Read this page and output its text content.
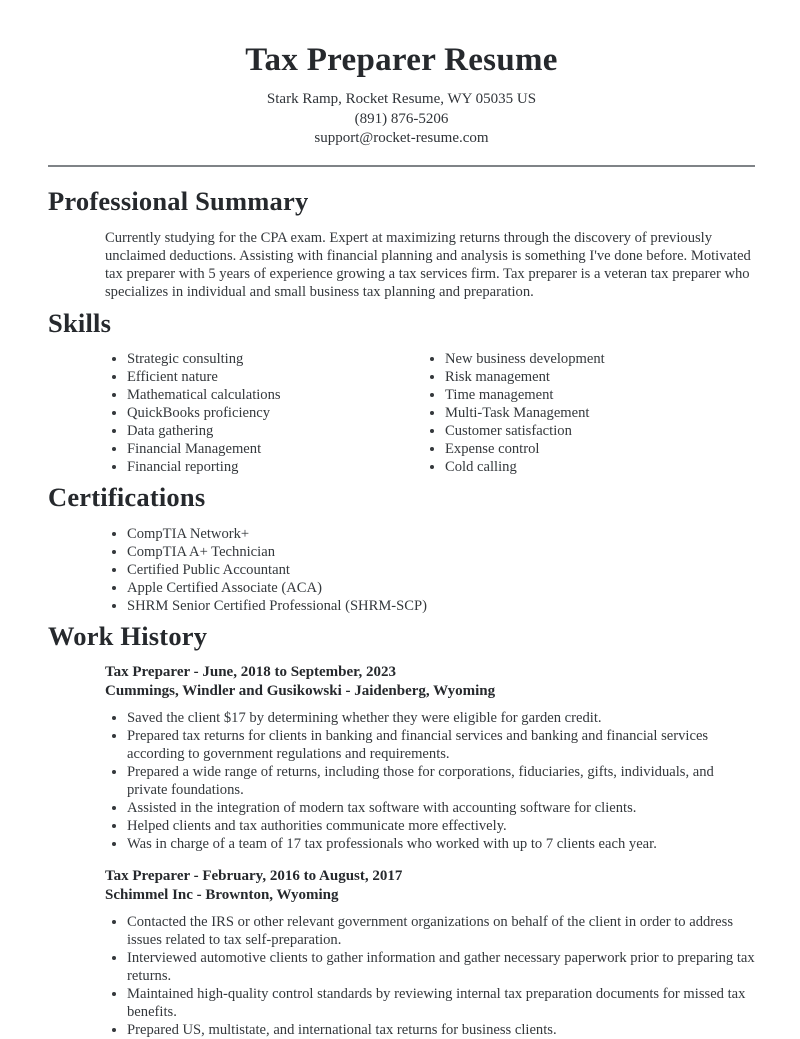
Tax Preparer Resume
Stark Ramp, Rocket Resume, WY 05035 US
(891) 876-5206
support@rocket-resume.com
Professional Summary

Currently studying for the CPA exam. Expert at maximizing returns through the discovery of previously unclaimed deductions. Assisting with financial planning and analysis is something I've done before. Motivated tax preparer with 5 years of experience growing a tax services firm. Tax preparer is a veteran tax preparer who specializes in individual and small business tax planning and preparation.

Skills
• Strategic consulting
• Efficient nature
• Mathematical calculations
• QuickBooks proficiency
• Data gathering
• Financial Management
• Financial reporting
• New business development
• Risk management
• Time management
• Multi-Task Management
• Customer satisfaction
• Expense control
• Cold calling
Certifications
• CompTIA Network+
• CompTIA A+ Technician
• Certified Public Accountant
• Apple Certified Associate (ACA)
• SHRM Senior Certified Professional (SHRM-SCP)
Work History
Tax Preparer - June, 2018 to September, 2023
Cummings, Windler and Gusikowski - Jaidenberg, Wyoming
• Saved the client $17 by determining whether they were eligible for garden credit.
• Prepared tax returns for clients in banking and financial services and banking and financial services according to government regulations and requirements.
• Prepared a wide range of returns, including those for corporations, fiduciaries, gifts, individuals, and private foundations.
• Assisted in the integration of modern tax software with accounting software for clients.
• Helped clients and tax authorities communicate more effectively.
• Was in charge of a team of 17 tax professionals who worked with up to 7 clients each year.
Tax Preparer - February, 2016 to August, 2017
Schimmel Inc - Brownton, Wyoming
• Contacted the IRS or other relevant government organizations on behalf of the client in order to address issues related to tax self-preparation.
• Interviewed automotive clients to gather information and gather necessary paperwork prior to preparing tax returns.
• Maintained high-quality control standards by reviewing internal tax preparation documents for missed tax benefits.
• Prepared US, multistate, and international tax returns for business clients.
